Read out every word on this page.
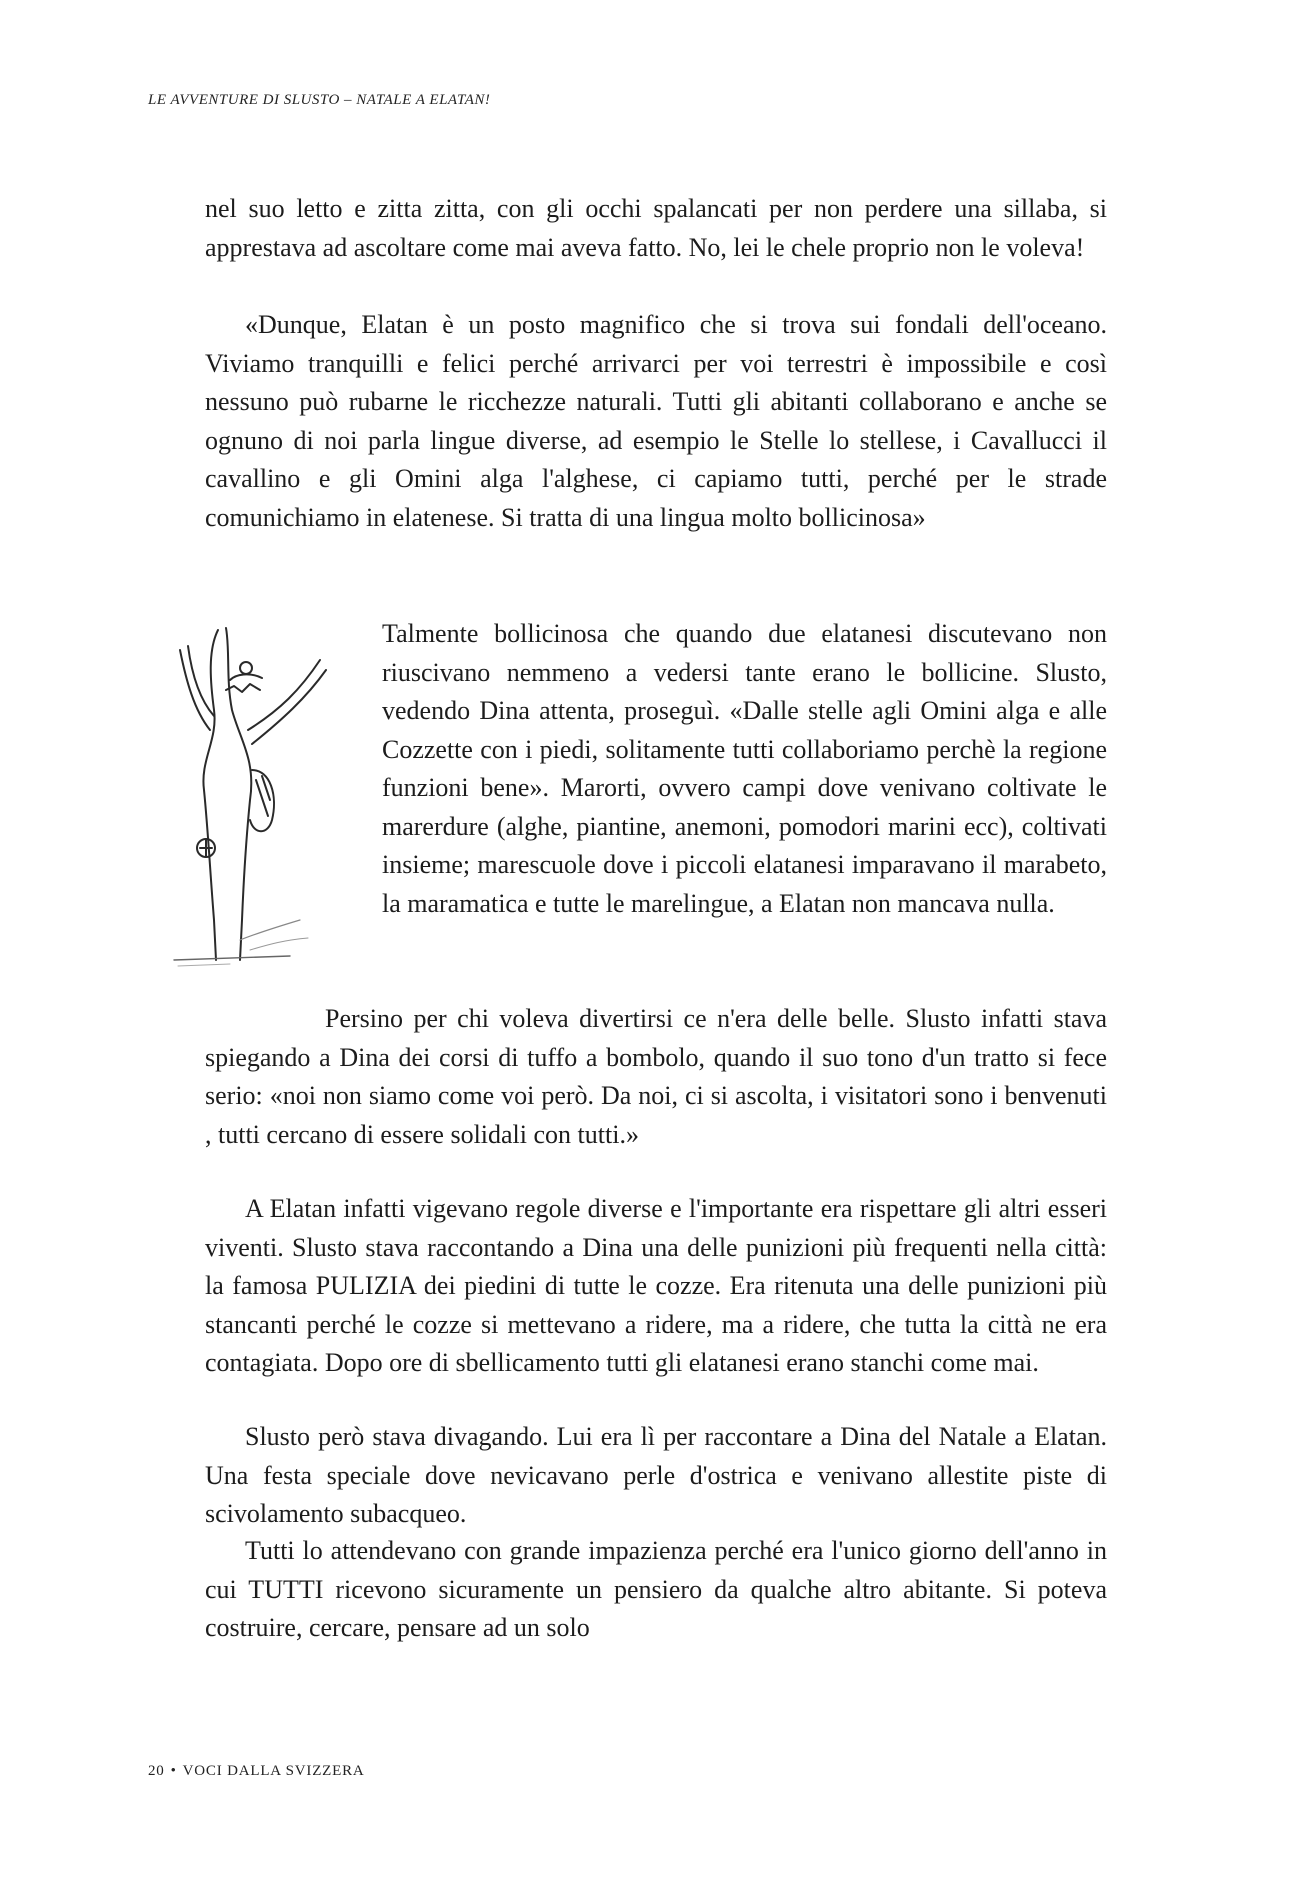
LE AVVENTURE DI SLUSTO – NATALE A ELATAN!

nel suo letto e zitta zitta, con gli occhi spalancati per non perdere una sillaba, si apprestava ad ascoltare come mai aveva fatto. No, lei le chele proprio non le voleva!

«Dunque, Elatan è un posto magnifico che si trova sui fondali dell'oceano. Viviamo tranquilli e felici perché arrivarci per voi terrestri è impossibile e così nessuno può rubarne le ricchezze naturali. Tutti gli abitanti collaborano e anche se ognuno di noi parla lingue diverse, ad esempio le Stelle lo stellese, i Cavallucci il cavallino e gli Omini alga l'alghese, ci capiamo tutti, perché per le strade comunichiamo in elatenese. Si tratta di una lingua molto bollicinosa»

Talmente bollicinosa che quando due elatanesi discutevano non riuscivano nemmeno a vedersi tante erano le bollicine. Slusto, vedendo Dina attenta, proseguì. «Dalle stelle agli Omini alga e alle Cozzette con i piedi, solitamente tutti collaboriamo perchè la regione funzioni bene». Marorti, ovvero campi dove venivano coltivate le marerdure (alghe, piantine, anemoni, pomodori marini ecc), coltivati insieme; marescuole dove i piccoli elatanesi imparavano il marabeto, la maramatica e tutte le marelingue, a Elatan non mancava nulla.

Persino per chi voleva divertirsi ce n'era delle belle. Slusto infatti stava spiegando a Dina dei corsi di tuffo a bombolo, quando il suo tono d'un tratto si fece serio: «noi non siamo come voi però. Da noi, ci si ascolta, i visitatori sono i benvenuti , tutti cercano di essere solidali con tutti.»

A Elatan infatti vigevano regole diverse e l'importante era rispettare gli altri esseri viventi. Slusto stava raccontando a Dina una delle punizioni più frequenti nella città: la famosa PULIZIA dei piedini di tutte le cozze. Era ritenuta una delle punizioni più stancanti perché le cozze si mettevano a ridere, ma a ridere, che tutta la città ne era contagiata. Dopo ore di sbellicamento tutti gli elatanesi erano stanchi come mai.

Slusto però stava divagando. Lui era lì per raccontare a Dina del Natale a Elatan. Una festa speciale dove nevicavano perle d'ostrica e venivano allestite piste di scivolamento subacqueo.

Tutti lo attendevano con grande impazienza perché era l'unico giorno dell'anno in cui TUTTI ricevono sicuramente un pensiero da qualche altro abitante. Si poteva costruire, cercare, pensare ad un solo

20 • VOCI DALLA SVIZZERA
